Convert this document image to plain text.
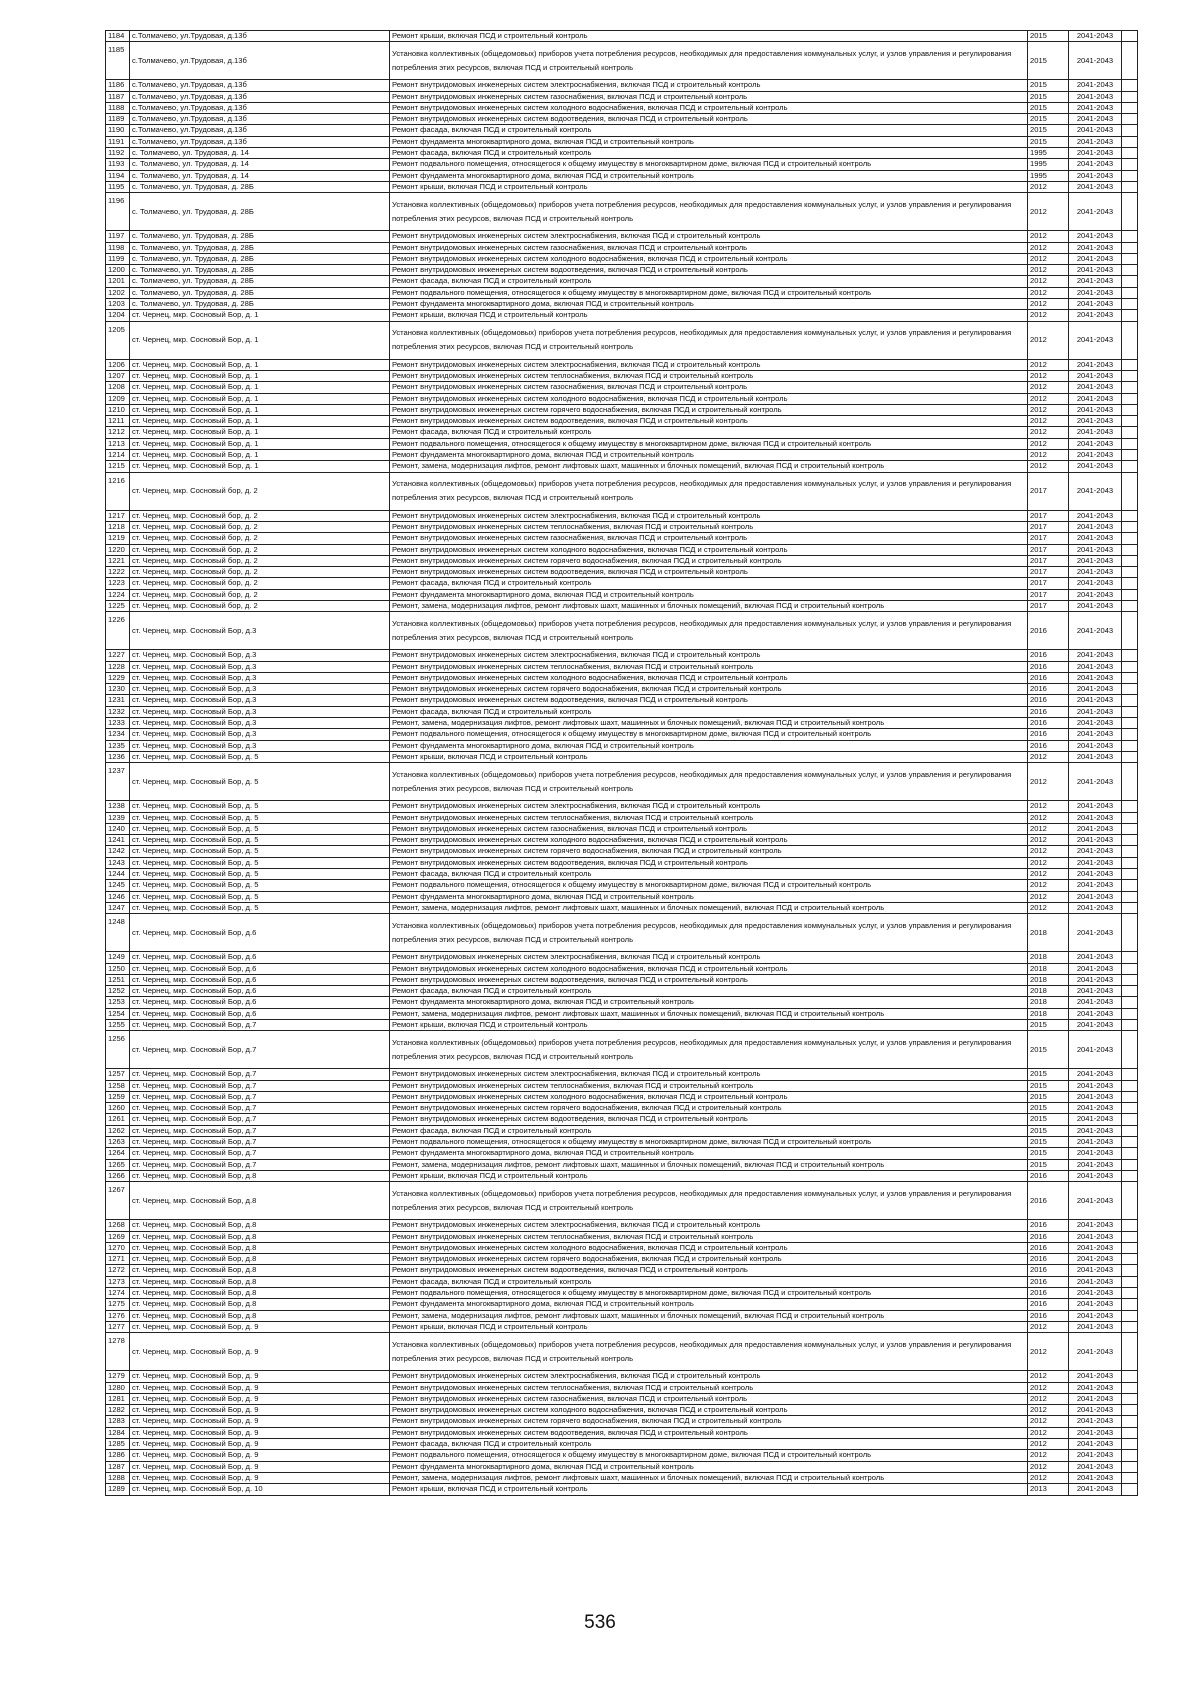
1184	с.Толмачево, ул.Трудовая, д.13б	Ремонт крыши, включая ПСД и строительный контроль	2015	2041-2043	
1185	с.Толмачево, ул.Трудовая, д.13б	Установка коллективных (общедомовых) приборов учета потребления ресурсов, необходимых для предоставления коммунальных услуг, и узлов управления и регулирования потребления этих ресурсов, включая ПСД и строительный контроль	2015	2041-2043	
1186	с.Толмачево, ул.Трудовая, д.13б	Ремонт внутридомовых инженерных систем электроснабжения, включая ПСД и строительный контроль	2015	2041-2043	
1187	с.Толмачево, ул.Трудовая, д.13б	Ремонт внутридомовых инженерных систем газоснабжения, включая ПСД и строительный контроль	2015	2041-2043	
1188	с.Толмачево, ул.Трудовая, д.13б	Ремонт внутридомовых инженерных систем холодного водоснабжения, включая ПСД и строительный контроль	2015	2041-2043	
1189	с.Толмачево, ул.Трудовая, д.13б	Ремонт внутридомовых инженерных систем водоотведения, включая ПСД и строительный контроль	2015	2041-2043	
1190	с.Толмачево, ул.Трудовая, д.13б	Ремонт фасада, включая ПСД и строительный контроль	2015	2041-2043	
1191	с.Толмачево, ул.Трудовая, д.13б	Ремонт фундамента многоквартирного дома, включая ПСД и строительный контроль	2015	2041-2043	
1192	с. Толмачево, ул. Трудовая, д. 14	Ремонт фасада, включая ПСД и строительный контроль	1995	2041-2043	
1193	с. Толмачево, ул. Трудовая, д. 14	Ремонт подвального помещения, относящегося к общему имуществу в многоквартирном доме, включая ПСД и строительный контроль	1995	2041-2043	
1194	с. Толмачево, ул. Трудовая, д. 14	Ремонт фундамента многоквартирного дома, включая ПСД и строительный контроль	1995	2041-2043	
1195	с. Толмачево, ул. Трудовая, д. 28Б	Ремонт крыши, включая ПСД и строительный контроль	2012	2041-2043	
1196	с. Толмачево, ул. Трудовая, д. 28Б	Установка коллективных (общедомовых) приборов учета потребления ресурсов, необходимых для предоставления коммунальных услуг, и узлов управления и регулирования потребления этих ресурсов, включая ПСД и строительный контроль	2012	2041-2043	
1197	с. Толмачево, ул. Трудовая, д. 28Б	Ремонт внутридомовых инженерных систем электроснабжения, включая ПСД и строительный контроль	2012	2041-2043	
1198	с. Толмачево, ул. Трудовая, д. 28Б	Ремонт внутридомовых инженерных систем газоснабжения, включая ПСД и строительный контроль	2012	2041-2043	
1199	с. Толмачево, ул. Трудовая, д. 28Б	Ремонт внутридомовых инженерных систем холодного водоснабжения, включая ПСД и строительный контроль	2012	2041-2043	
1200	с. Толмачево, ул. Трудовая, д. 28Б	Ремонт внутридомовых инженерных систем водоотведения, включая ПСД и строительный контроль	2012	2041-2043	
1201	с. Толмачево, ул. Трудовая, д. 28Б	Ремонт фасада, включая ПСД и строительный контроль	2012	2041-2043	
1202	с. Толмачево, ул. Трудовая, д. 28Б	Ремонт подвального помещения, относящегося к общему имуществу в многоквартирном доме, включая ПСД и строительный контроль	2012	2041-2043	
1203	с. Толмачево, ул. Трудовая, д. 28Б	Ремонт фундамента многоквартирного дома, включая ПСД и строительный контроль	2012	2041-2043	
1204	ст. Чернец, мкр. Сосновый Бор, д. 1	Ремонт крыши, включая ПСД и строительный контроль	2012	2041-2043	
1205	ст. Чернец, мкр. Сосновый Бор, д. 1	Установка коллективных (общедомовых) приборов учета потребления ресурсов, необходимых для предоставления коммунальных услуг, и узлов управления и регулирования потребления этих ресурсов, включая ПСД и строительный контроль	2012	2041-2043	
1206	ст. Чернец, мкр. Сосновый Бор, д. 1	Ремонт внутридомовых инженерных систем электроснабжения, включая ПСД и строительный контроль	2012	2041-2043	
1207	ст. Чернец, мкр. Сосновый Бор, д. 1	Ремонт внутридомовых инженерных систем теплоснабжения, включая ПСД и строительный контроль	2012	2041-2043	
1208	ст. Чернец, мкр. Сосновый Бор, д. 1	Ремонт внутридомовых инженерных систем газоснабжения, включая ПСД и строительный контроль	2012	2041-2043	
1209	ст. Чернец, мкр. Сосновый Бор, д. 1	Ремонт внутридомовых инженерных систем холодного водоснабжения, включая ПСД и строительный контроль	2012	2041-2043	
1210	ст. Чернец, мкр. Сосновый Бор, д. 1	Ремонт внутридомовых инженерных систем горячего водоснабжения, включая ПСД и строительный контроль	2012	2041-2043	
1211	ст. Чернец, мкр. Сосновый Бор, д. 1	Ремонт внутридомовых инженерных систем водоотведения, включая ПСД и строительный контроль	2012	2041-2043	
1212	ст. Чернец, мкр. Сосновый Бор, д. 1	Ремонт фасада, включая ПСД и строительный контроль	2012	2041-2043	
1213	ст. Чернец, мкр. Сосновый Бор, д. 1	Ремонт подвального помещения, относящегося к общему имуществу в многоквартирном доме, включая ПСД и строительный контроль	2012	2041-2043	
1214	ст. Чернец, мкр. Сосновый Бор, д. 1	Ремонт фундамента многоквартирного дома, включая ПСД и строительный контроль	2012	2041-2043	
1215	ст. Чернец, мкр. Сосновый Бор, д. 1	Ремонт, замена, модернизация лифтов, ремонт лифтовых шахт, машинных и блочных помещений, включая ПСД и строительный контроль	2012	2041-2043	
1216	ст. Чернец, мкр. Сосновый бор, д. 2	Установка коллективных (общедомовых) приборов учета потребления ресурсов, необходимых для предоставления коммунальных услуг, и узлов управления и регулирования потребления этих ресурсов, включая ПСД и строительный контроль	2017	2041-2043	
1217	ст. Чернец, мкр. Сосновый бор, д. 2	Ремонт внутридомовых инженерных систем электроснабжения, включая ПСД и строительный контроль	2017	2041-2043	
1218	ст. Чернец, мкр. Сосновый бор, д. 2	Ремонт внутридомовых инженерных систем теплоснабжения, включая ПСД и строительный контроль	2017	2041-2043	
1219	ст. Чернец, мкр. Сосновый бор, д. 2	Ремонт внутридомовых инженерных систем газоснабжения, включая ПСД и строительный контроль	2017	2041-2043	
1220	ст. Чернец, мкр. Сосновый бор, д. 2	Ремонт внутридомовых инженерных систем холодного водоснабжения, включая ПСД и строительный контроль	2017	2041-2043	
1221	ст. Чернец, мкр. Сосновый бор, д. 2	Ремонт внутридомовых инженерных систем горячего водоснабжения, включая ПСД и строительный контроль	2017	2041-2043	
1222	ст. Чернец, мкр. Сосновый бор, д. 2	Ремонт внутридомовых инженерных систем водоотведения, включая ПСД и строительный контроль	2017	2041-2043	
1223	ст. Чернец, мкр. Сосновый бор, д. 2	Ремонт фасада, включая ПСД и строительный контроль	2017	2041-2043	
1224	ст. Чернец, мкр. Сосновый бор, д. 2	Ремонт фундамента многоквартирного дома, включая ПСД и строительный контроль	2017	2041-2043	
1225	ст. Чернец, мкр. Сосновый бор, д. 2	Ремонт, замена, модернизация лифтов, ремонт лифтовых шахт, машинных и блочных помещений, включая ПСД и строительный контроль	2017	2041-2043	
1226	ст. Чернец, мкр. Сосновый Бор, д.3	Установка коллективных (общедомовых) приборов учета потребления ресурсов, необходимых для предоставления коммунальных услуг, и узлов управления и регулирования потребления этих ресурсов, включая ПСД и строительный контроль	2016	2041-2043	
1227	ст. Чернец, мкр. Сосновый Бор, д.3	Ремонт внутридомовых инженерных систем электроснабжения, включая ПСД и строительный контроль	2016	2041-2043	
1228	ст. Чернец, мкр. Сосновый Бор, д.3	Ремонт внутридомовых инженерных систем теплоснабжения, включая ПСД и строительный контроль	2016	2041-2043	
1229	ст. Чернец, мкр. Сосновый Бор, д.3	Ремонт внутридомовых инженерных систем холодного водоснабжения, включая ПСД и строительный контроль	2016	2041-2043	
1230	ст. Чернец, мкр. Сосновый Бор, д.3	Ремонт внутридомовых инженерных систем горячего водоснабжения, включая ПСД и строительный контроль	2016	2041-2043	
1231	ст. Чернец, мкр. Сосновый Бор, д.3	Ремонт внутридомовых инженерных систем водоотведения, включая ПСД и строительный контроль	2016	2041-2043	
1232	ст. Чернец, мкр. Сосновый Бор, д.3	Ремонт фасада, включая ПСД и строительный контроль	2016	2041-2043	
1233	ст. Чернец, мкр. Сосновый Бор, д.3	Ремонт, замена, модернизация лифтов, ремонт лифтовых шахт, машинных и блочных помещений, включая ПСД и строительный контроль	2016	2041-2043	
1234	ст. Чернец, мкр. Сосновый Бор, д.3	Ремонт подвального помещения, относящегося к общему имуществу в многоквартирном доме, включая ПСД и строительный контроль	2016	2041-2043	
1235	ст. Чернец, мкр. Сосновый Бор, д.3	Ремонт фундамента многоквартирного дома, включая ПСД и строительный контроль	2016	2041-2043	
1236	ст. Чернец, мкр. Сосновый Бор, д. 5	Ремонт крыши, включая ПСД и строительный контроль	2012	2041-2043	
1237	ст. Чернец, мкр. Сосновый Бор, д. 5	Установка коллективных (общедомовых) приборов учета потребления ресурсов, необходимых для предоставления коммунальных услуг, и узлов управления и регулирования потребления этих ресурсов, включая ПСД и строительный контроль	2012	2041-2043	
1238	ст. Чернец, мкр. Сосновый Бор, д. 5	Ремонт внутридомовых инженерных систем электроснабжения, включая ПСД и строительный контроль	2012	2041-2043	
1239	ст. Чернец, мкр. Сосновый Бор, д. 5	Ремонт внутридомовых инженерных систем теплоснабжения, включая ПСД и строительный контроль	2012	2041-2043	
1240	ст. Чернец, мкр. Сосновый Бор, д. 5	Ремонт внутридомовых инженерных систем газоснабжения, включая ПСД и строительный контроль	2012	2041-2043	
1241	ст. Чернец, мкр. Сосновый Бор, д. 5	Ремонт внутридомовых инженерных систем холодного водоснабжения, включая ПСД и строительный контроль	2012	2041-2043	
1242	ст. Чернец, мкр. Сосновый Бор, д. 5	Ремонт внутридомовых инженерных систем горячего водоснабжения, включая ПСД и строительный контроль	2012	2041-2043	
1243	ст. Чернец, мкр. Сосновый Бор, д. 5	Ремонт внутридомовых инженерных систем водоотведения, включая ПСД и строительный контроль	2012	2041-2043	
1244	ст. Чернец, мкр. Сосновый Бор, д. 5	Ремонт фасада, включая ПСД и строительный контроль	2012	2041-2043	
1245	ст. Чернец, мкр. Сосновый Бор, д. 5	Ремонт подвального помещения, относящегося к общему имуществу в многоквартирном доме, включая ПСД и строительный контроль	2012	2041-2043	
1246	ст. Чернец, мкр. Сосновый Бор, д. 5	Ремонт фундамента многоквартирного дома, включая ПСД и строительный контроль	2012	2041-2043	
1247	ст. Чернец, мкр. Сосновый Бор, д. 5	Ремонт, замена, модернизация лифтов, ремонт лифтовых шахт, машинных и блочных помещений, включая ПСД и строительный контроль	2012	2041-2043	
1248	ст. Чернец, мкр. Сосновый Бор, д.6	Установка коллективных (общедомовых) приборов учета потребления ресурсов, необходимых для предоставления коммунальных услуг, и узлов управления и регулирования потребления этих ресурсов, включая ПСД и строительный контроль	2018	2041-2043	
1249	ст. Чернец, мкр. Сосновый Бор, д.6	Ремонт внутридомовых инженерных систем электроснабжения, включая ПСД и строительный контроль	2018	2041-2043	
1250	ст. Чернец, мкр. Сосновый Бор, д.6	Ремонт внутридомовых инженерных систем холодного водоснабжения, включая ПСД и строительный контроль	2018	2041-2043	
1251	ст. Чернец, мкр. Сосновый Бор, д.6	Ремонт внутридомовых инженерных систем водоотведения, включая ПСД и строительный контроль	2018	2041-2043	
1252	ст. Чернец, мкр. Сосновый Бор, д.6	Ремонт фасада, включая ПСД и строительный контроль	2018	2041-2043	
1253	ст. Чернец, мкр. Сосновый Бор, д.6	Ремонт фундамента многоквартирного дома, включая ПСД и строительный контроль	2018	2041-2043	
1254	ст. Чернец, мкр. Сосновый Бор, д.6	Ремонт, замена, модернизация лифтов, ремонт лифтовых шахт, машинных и блочных помещений, включая ПСД и строительный контроль	2018	2041-2043	
1255	ст. Чернец, мкр. Сосновый Бор, д.7	Ремонт крыши, включая ПСД и строительный контроль	2015	2041-2043	
1256	ст. Чернец, мкр. Сосновый Бор, д.7	Установка коллективных (общедомовых) приборов учета потребления ресурсов, необходимых для предоставления коммунальных услуг, и узлов управления и регулирования потребления этих ресурсов, включая ПСД и строительный контроль	2015	2041-2043	
1257	ст. Чернец, мкр. Сосновый Бор, д.7	Ремонт внутридомовых инженерных систем электроснабжения, включая ПСД и строительный контроль	2015	2041-2043	
1258	ст. Чернец, мкр. Сосновый Бор, д.7	Ремонт внутридомовых инженерных систем теплоснабжения, включая ПСД и строительный контроль	2015	2041-2043	
1259	ст. Чернец, мкр. Сосновый Бор, д.7	Ремонт внутридомовых инженерных систем холодного водоснабжения, включая ПСД и строительный контроль	2015	2041-2043	
1260	ст. Чернец, мкр. Сосновый Бор, д.7	Ремонт внутридомовых инженерных систем горячего водоснабжения, включая ПСД и строительный контроль	2015	2041-2043	
1261	ст. Чернец, мкр. Сосновый Бор, д.7	Ремонт внутридомовых инженерных систем водоотведения, включая ПСД и строительный контроль	2015	2041-2043	
1262	ст. Чернец, мкр. Сосновый Бор, д.7	Ремонт фасада, включая ПСД и строительный контроль	2015	2041-2043	
1263	ст. Чернец, мкр. Сосновый Бор, д.7	Ремонт подвального помещения, относящегося к общему имуществу в многоквартирном доме, включая ПСД и строительный контроль	2015	2041-2043	
1264	ст. Чернец, мкр. Сосновый Бор, д.7	Ремонт фундамента многоквартирного дома, включая ПСД и строительный контроль	2015	2041-2043	
1265	ст. Чернец, мкр. Сосновый Бор, д.7	Ремонт, замена, модернизация лифтов, ремонт лифтовых шахт, машинных и блочных помещений, включая ПСД и строительный контроль	2015	2041-2043	
1266	ст. Чернец, мкр. Сосновый Бор, д.8	Ремонт крыши, включая ПСД и строительный контроль	2016	2041-2043	
1267	ст. Чернец, мкр. Сосновый Бор, д.8	Установка коллективных (общедомовых) приборов учета потребления ресурсов, необходимых для предоставления коммунальных услуг, и узлов управления и регулирования потребления этих ресурсов, включая ПСД и строительный контроль	2016	2041-2043	
1268	ст. Чернец, мкр. Сосновый Бор, д.8	Ремонт внутридомовых инженерных систем электроснабжения, включая ПСД и строительный контроль	2016	2041-2043	
1269	ст. Чернец, мкр. Сосновый Бор, д.8	Ремонт внутридомовых инженерных систем теплоснабжения, включая ПСД и строительный контроль	2016	2041-2043	
1270	ст. Чернец, мкр. Сосновый Бор, д.8	Ремонт внутридомовых инженерных систем холодного водоснабжения, включая ПСД и строительный контроль	2016	2041-2043	
1271	ст. Чернец, мкр. Сосновый Бор, д.8	Ремонт внутридомовых инженерных систем горячего водоснабжения, включая ПСД и строительный контроль	2016	2041-2043	
1272	ст. Чернец, мкр. Сосновый Бор, д.8	Ремонт внутридомовых инженерных систем водоотведения, включая ПСД и строительный контроль	2016	2041-2043	
1273	ст. Чернец, мкр. Сосновый Бор, д.8	Ремонт фасада, включая ПСД и строительный контроль	2016	2041-2043	
1274	ст. Чернец, мкр. Сосновый Бор, д.8	Ремонт подвального помещения, относящегося к общему имуществу в многоквартирном доме, включая ПСД и строительный контроль	2016	2041-2043	
1275	ст. Чернец, мкр. Сосновый Бор, д.8	Ремонт фундамента многоквартирного дома, включая ПСД и строительный контроль	2016	2041-2043	
1276	ст. Чернец, мкр. Сосновый Бор, д.8	Ремонт, замена, модернизация лифтов, ремонт лифтовых шахт, машинных и блочных помещений, включая ПСД и строительный контроль	2016	2041-2043	
1277	ст. Чернец, мкр. Сосновый Бор, д. 9	Ремонт крыши, включая ПСД и строительный контроль	2012	2041-2043	
1278	ст. Чернец, мкр. Сосновый Бор, д. 9	Установка коллективных (общедомовых) приборов учета потребления ресурсов, необходимых для предоставления коммунальных услуг, и узлов управления и регулирования потребления этих ресурсов, включая ПСД и строительный контроль	2012	2041-2043	
1279	ст. Чернец, мкр. Сосновый Бор, д. 9	Ремонт внутридомовых инженерных систем электроснабжения, включая ПСД и строительный контроль	2012	2041-2043	
1280	ст. Чернец, мкр. Сосновый Бор, д. 9	Ремонт внутридомовых инженерных систем теплоснабжения, включая ПСД и строительный контроль	2012	2041-2043	
1281	ст. Чернец, мкр. Сосновый Бор, д. 9	Ремонт внутридомовых инженерных систем газоснабжения, включая ПСД и строительный контроль	2012	2041-2043	
1282	ст. Чернец, мкр. Сосновый Бор, д. 9	Ремонт внутридомовых инженерных систем холодного водоснабжения, включая ПСД и строительный контроль	2012	2041-2043	
1283	ст. Чернец, мкр. Сосновый Бор, д. 9	Ремонт внутридомовых инженерных систем горячего водоснабжения, включая ПСД и строительный контроль	2012	2041-2043	
1284	ст. Чернец, мкр. Сосновый Бор, д. 9	Ремонт внутридомовых инженерных систем водоотведения, включая ПСД и строительный контроль	2012	2041-2043	
1285	ст. Чернец, мкр. Сосновый Бор, д. 9	Ремонт фасада, включая ПСД и строительный контроль	2012	2041-2043	
1286	ст. Чернец, мкр. Сосновый Бор, д. 9	Ремонт подвального помещения, относящегося к общему имуществу в многоквартирном доме, включая ПСД и строительный контроль	2012	2041-2043	
1287	ст. Чернец, мкр. Сосновый Бор, д. 9	Ремонт фундамента многоквартирного дома, включая ПСД и строительный контроль	2012	2041-2043	
1288	ст. Чернец, мкр. Сосновый Бор, д. 9	Ремонт, замена, модернизация лифтов, ремонт лифтовых шахт, машинных и блочных помещений, включая ПСД и строительный контроль	2012	2041-2043	
1289	ст. Чернец, мкр. Сосновый Бор, д. 10	Ремонт крыши, включая ПСД и строительный контроль	2013	2041-2043	
536
